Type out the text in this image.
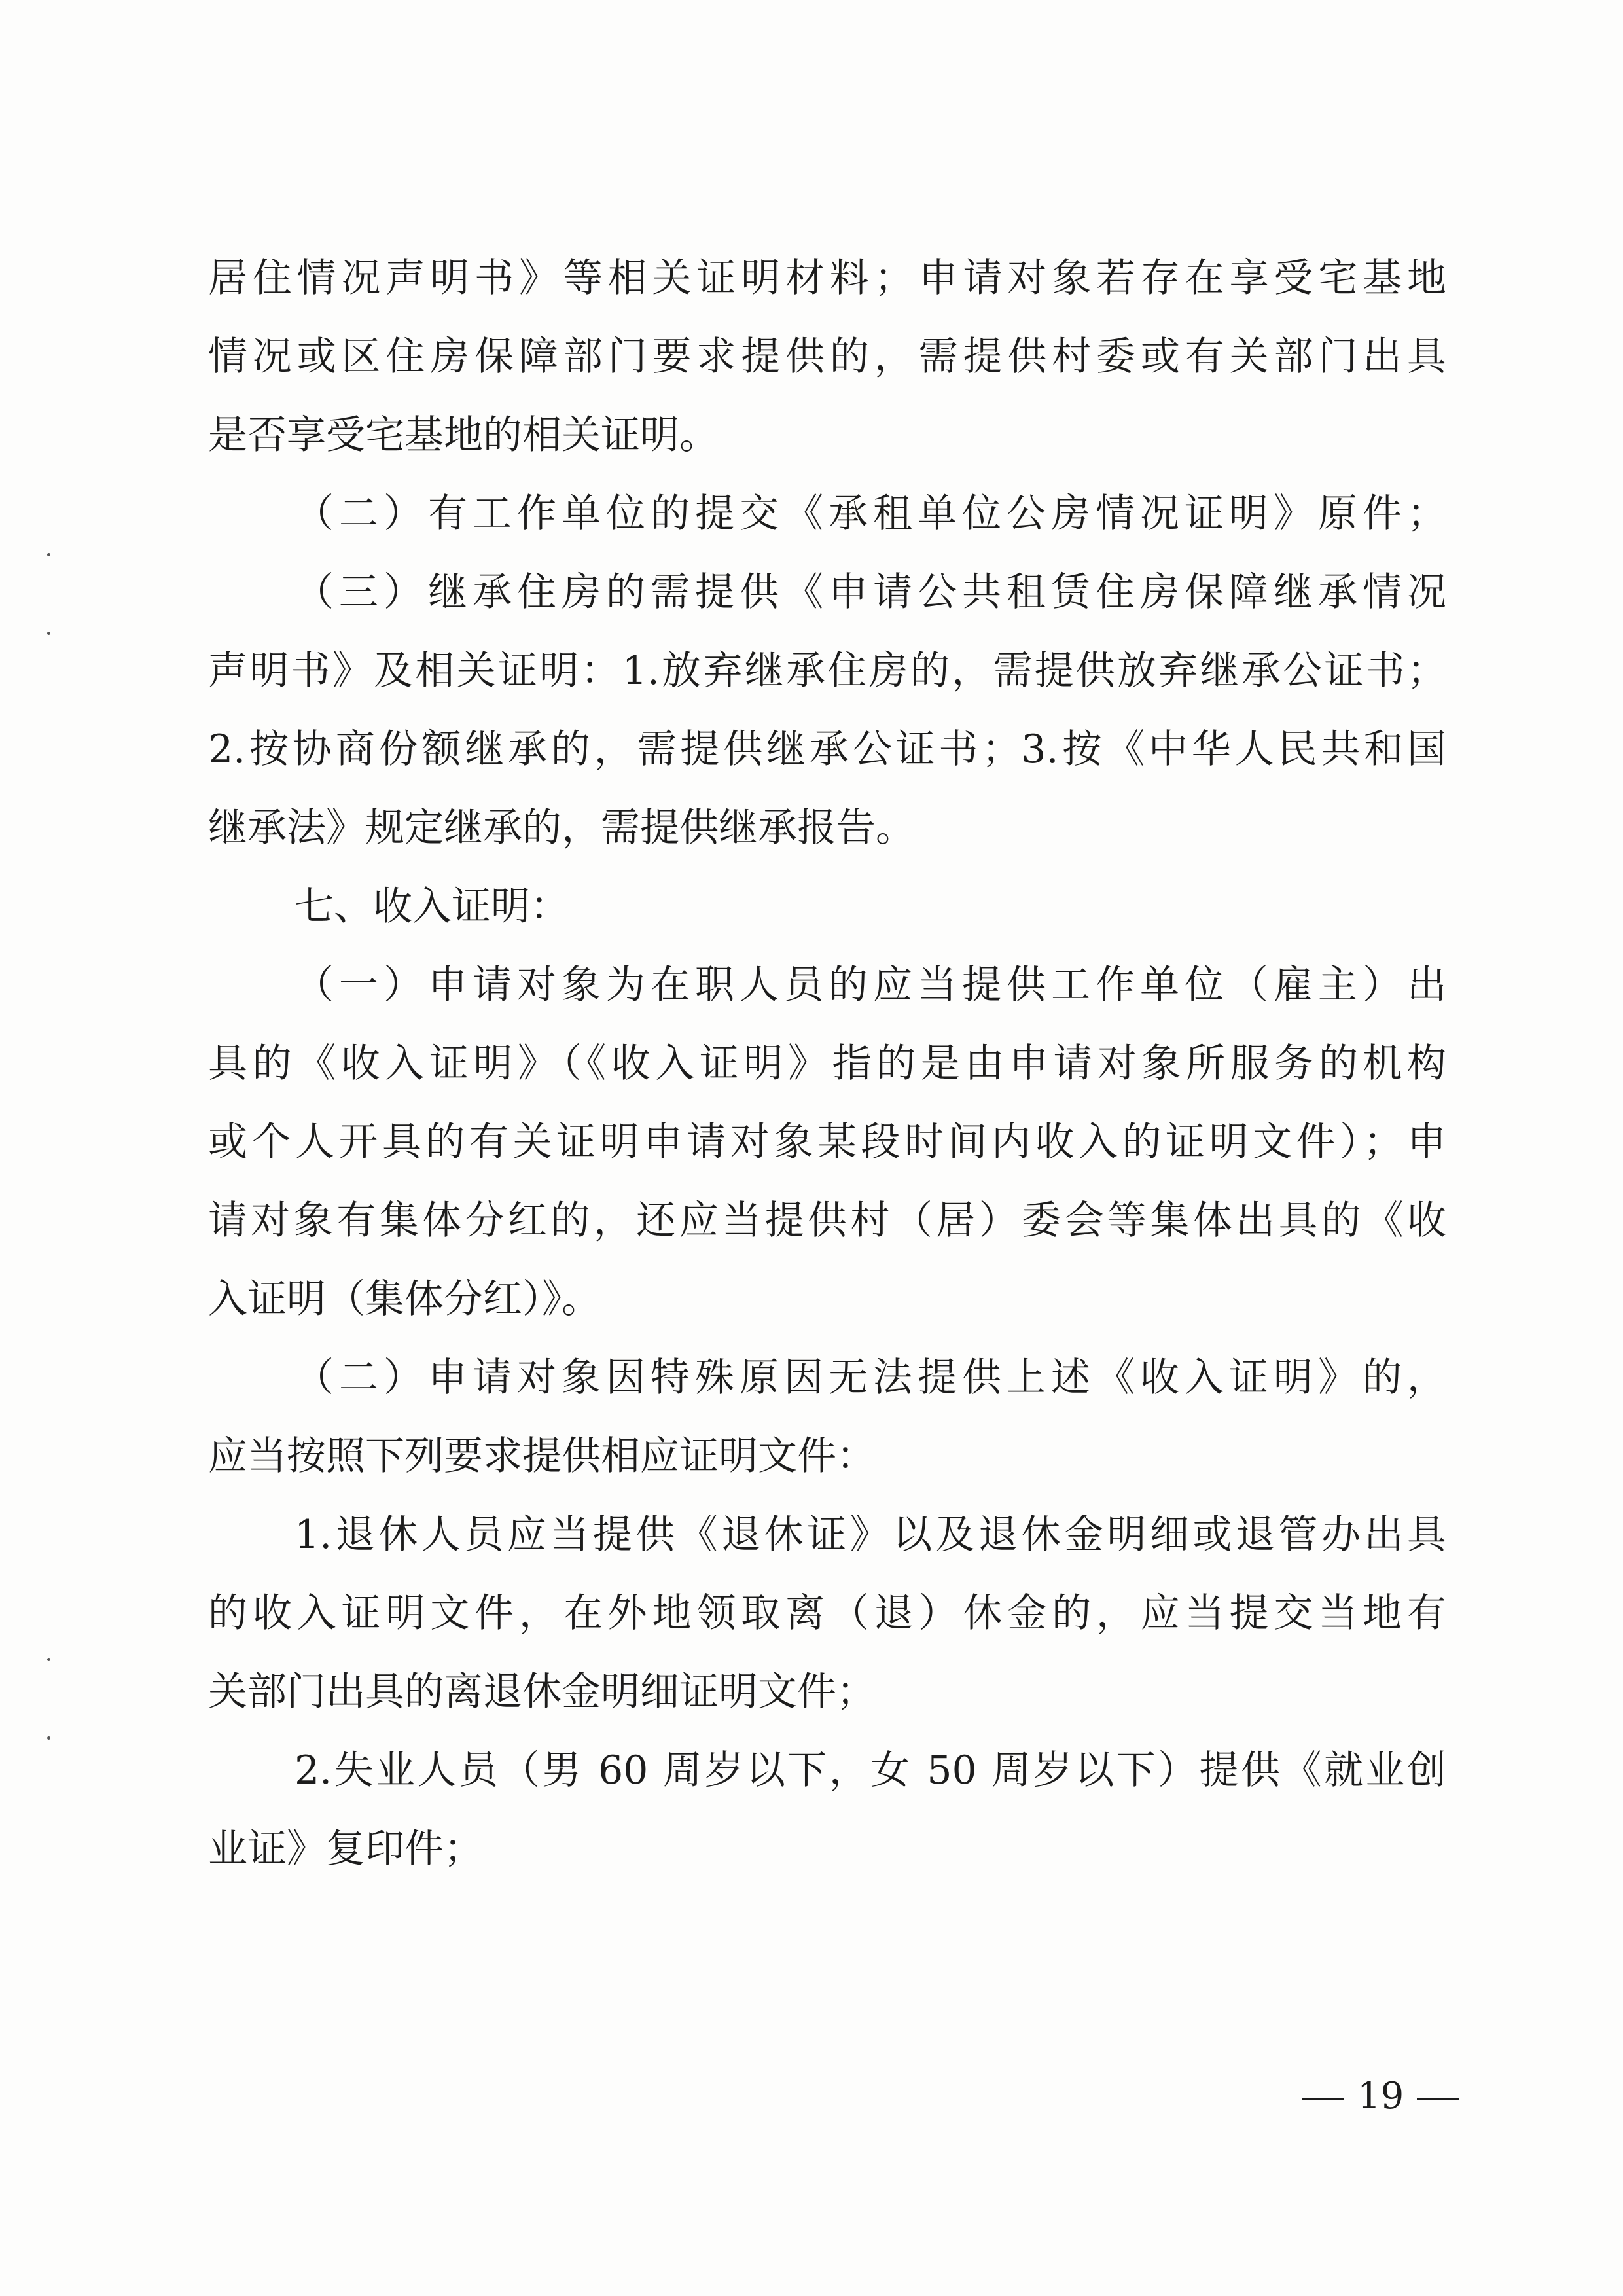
居住情况声明书》等相关证明材料；申请对象若存在享受宅基地
情况或区住房保障部门要求提供的，需提供村委或有关部门出具
是否享受宅基地的相关证明。
（二）有工作单位的提交《承租单位公房情况证明》原件；
（三）继承住房的需提供《申请公共租赁住房保障继承情况
声明书》及相关证明：1.放弃继承住房的，需提供放弃继承公证书；
2.按协商份额继承的，需提供继承公证书；3.按《中华人民共和国
继承法》规定继承的，需提供继承报告。
七、收入证明：
（一）申请对象为在职人员的应当提供工作单位（雇主）出
具的《收入证明》（《收入证明》指的是由申请对象所服务的机构
或个人开具的有关证明申请对象某段时间内收入的证明文件）；申
请对象有集体分红的，还应当提供村（居）委会等集体出具的《收
入证明（集体分红）》。
（二）申请对象因特殊原因无法提供上述《收入证明》的，
应当按照下列要求提供相应证明文件：
1.退休人员应当提供《退休证》以及退休金明细或退管办出具
的收入证明文件，在外地领取离（退）休金的，应当提交当地有
关部门出具的离退休金明细证明文件；
2.失业人员（男 60 周岁以下，女 50 周岁以下）提供《就业创
业证》复印件；
19
